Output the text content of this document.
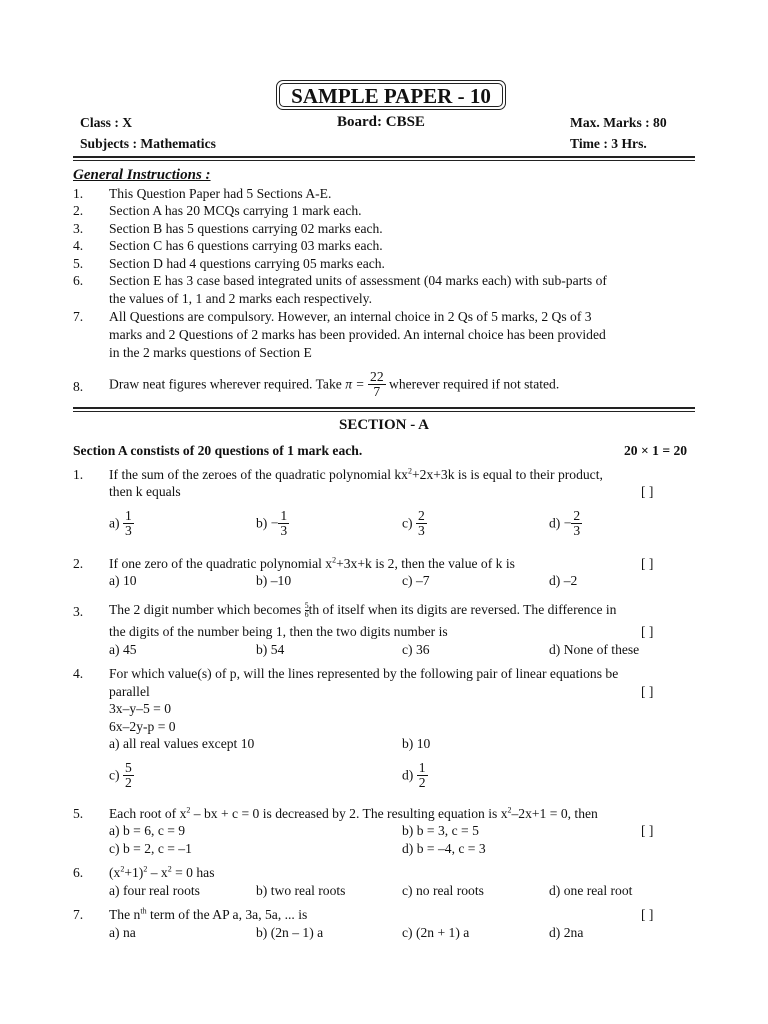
SAMPLE PAPER - 10
Class : X	Board: CBSE	Max. Marks : 80
Subjects : Mathematics	Time : 3 Hrs.
General Instructions :
1. This Question Paper had 5 Sections A-E.
2. Section A has 20 MCQs carrying 1 mark each.
3. Section B has 5 questions carrying 02 marks each.
4. Section C has 6 questions carrying 03 marks each.
5. Section D had 4 questions carrying 05 marks each.
6. Section E has 3 case based integrated units of assessment (04 marks each) with sub-parts of
the values of 1, 1 and 2 marks each respectively.
7. All Questions are compulsory. However, an internal choice in 2 Qs of 5 marks, 2 Qs of 3
marks and 2 Questions of 2 marks has been provided. An internal choice has been provided
in the 2 marks questions of Section E
8. Draw neat figures wherever required. Take $\pi = \frac{22}{7}$ wherever required if not stated.
SECTION - A
Section A constists of 20 questions of 1 mark each.	20 × 1 = 20
1. If the sum of the zeroes of the quadratic polynomial $kx^2+2x+3k$ is is equal to their product,
then k equals	[ ]
$a) \frac{1}{3}$	$b) - \frac{1}{3}$	$c) \frac{2}{3}$	$d) - \frac{2}{3}$
2. If one zero of the quadratic polynomial $x^2+3x+k$ is 2, then the value of k is	[ ]
a) 10	b) –10	c) –7	d) –2
3. The 2 digit number which becomes $\frac{5}{6}$ th of itself when its digits are reversed. The difference in
the digits of the number being 1, then the two digits number is	[ ]
a) 45	b) 54	c) 36	d) None of these
4. For which value(s) of p, will the lines represented by the following pair of linear equations be
parallel	[ ]
3x–y–5 = 0
6x–2y-p = 0
a) all real values except 10	b) 10
$c) \frac{5}{2}$	$d) \frac{1}{2}$
5. Each root of $x^2$ – bx + c = 0 is decreased by 2. The resulting equation is $x^2-2x+1 = 0$, then
[ ]
a) b = 6, c = 9	b) b = 3, c = 5
c) b = 2, c = –1	d) b = –4, c = 3
6. $(x^2+1)^2 - x^2 = 0$ has
a) four real roots	b) two real roots	c) no real roots	d) one real root
7. The $n^{th}$ term of the AP a, 3a, 5a, ... is	[ ]
a) na	b) (2n – 1) a	c) (2n + 1) a	d) 2na
